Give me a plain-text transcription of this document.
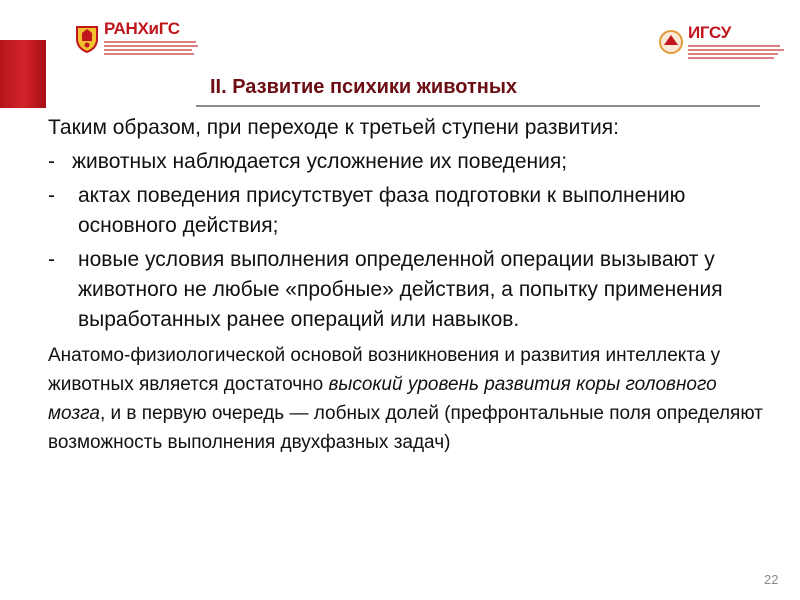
РАНХиГС	ИГСУ
II. Развитие психики животных

Таким образом, при переходе к третьей ступени развития:

- животных наблюдается усложнение их поведения;
- актах поведения присутствует фаза подготовки к выполнению основного действия;
- новые условия выполнения определенной операции вызывают у животного не любые «пробные» действия, а попытку применения выработанных ранее операций или навыков.

Анатомо-физиологической основой возникновения и развития интеллекта у животных является достаточно высокий уровень развития коры головного мозга, и в первую очередь — лобных долей (префронтальные поля определяют возможность выполнения двухфазных задач)

22
